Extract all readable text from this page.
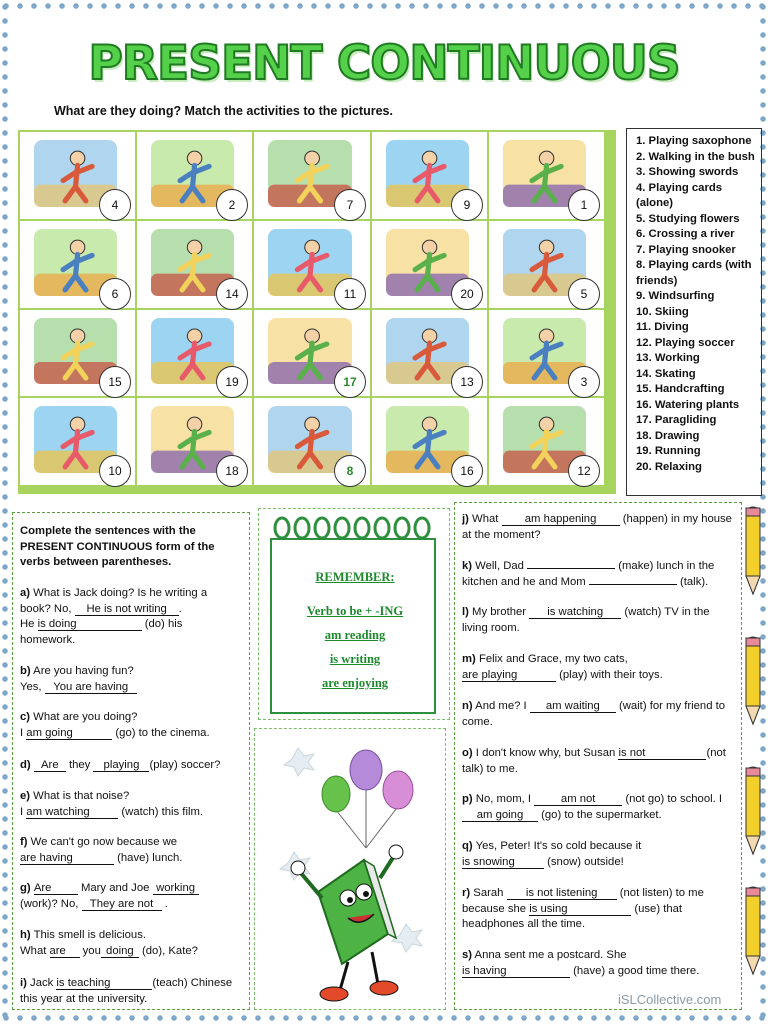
PRESENT CONTINUOUS
What are they doing? Match the activities to the pictures.
4	2	7	9	1
6	14	11	20	5
15	19	17	13	3
10	18	8	16	12
1. Playing saxophone
2. Walking in the bush
3. Showing swords
4. Playing cards (alone)
5. Studying flowers
6. Crossing a river
7. Playing snooker
8. Playing cards (with friends)
9. Windsurfing
10. Skiing
11. Diving
12. Playing soccer
13. Working
14. Skating
15. Handcrafting
16. Watering plants
17. Paragliding
18. Drawing
19. Running
20. Relaxing
Complete the sentences with the PRESENT CONTINUOUS form of the verbs between parentheses.
a) What is Jack doing? Is he writing a book? No, He is not writing .
He is doing	(do) his homework.
b) Are you having fun?
Yes, You are having
c) What are you doing?
I am going	(go) to the cinema.
d) Are they playing (play) soccer?
e) What is that noise?
I am watching	(watch) this film.
f) We can't go now because we
are having	(have) lunch.
g) Are Mary and Joe working
(work)? No, They are not .
h) This smell is delicious.
What are you doing (do), Kate?
i) Jack is teaching	(teach) Chinese this year at the university.
REMEMBER:
Verb to be + -ING
am reading
is writing
are enjoying
j) What am happening (happen) in my house at the moment?
k) Well, Dad	(make) lunch in the kitchen and he and Mom	(talk).
l) My brother is watching (watch) TV in the living room.
m) Felix and Grace, my two cats,
are playing	(play) with their toys.
n) And me? I am waiting (wait) for my friend to come.
o) I don't know why, but Susan is not	(not talk) to me.
p) No, mom, I am not (not go) to school. I am going (go) to the supermarket.
q) Yes, Peter! It's so cold because it
is snowing	(snow) outside!
r) Sarah is not listening (not listen) to me because she is using	(use) that headphones all the time.
s) Anna sent me a postcard. She
is having	(have) a good time there.
iSLCollective.com
